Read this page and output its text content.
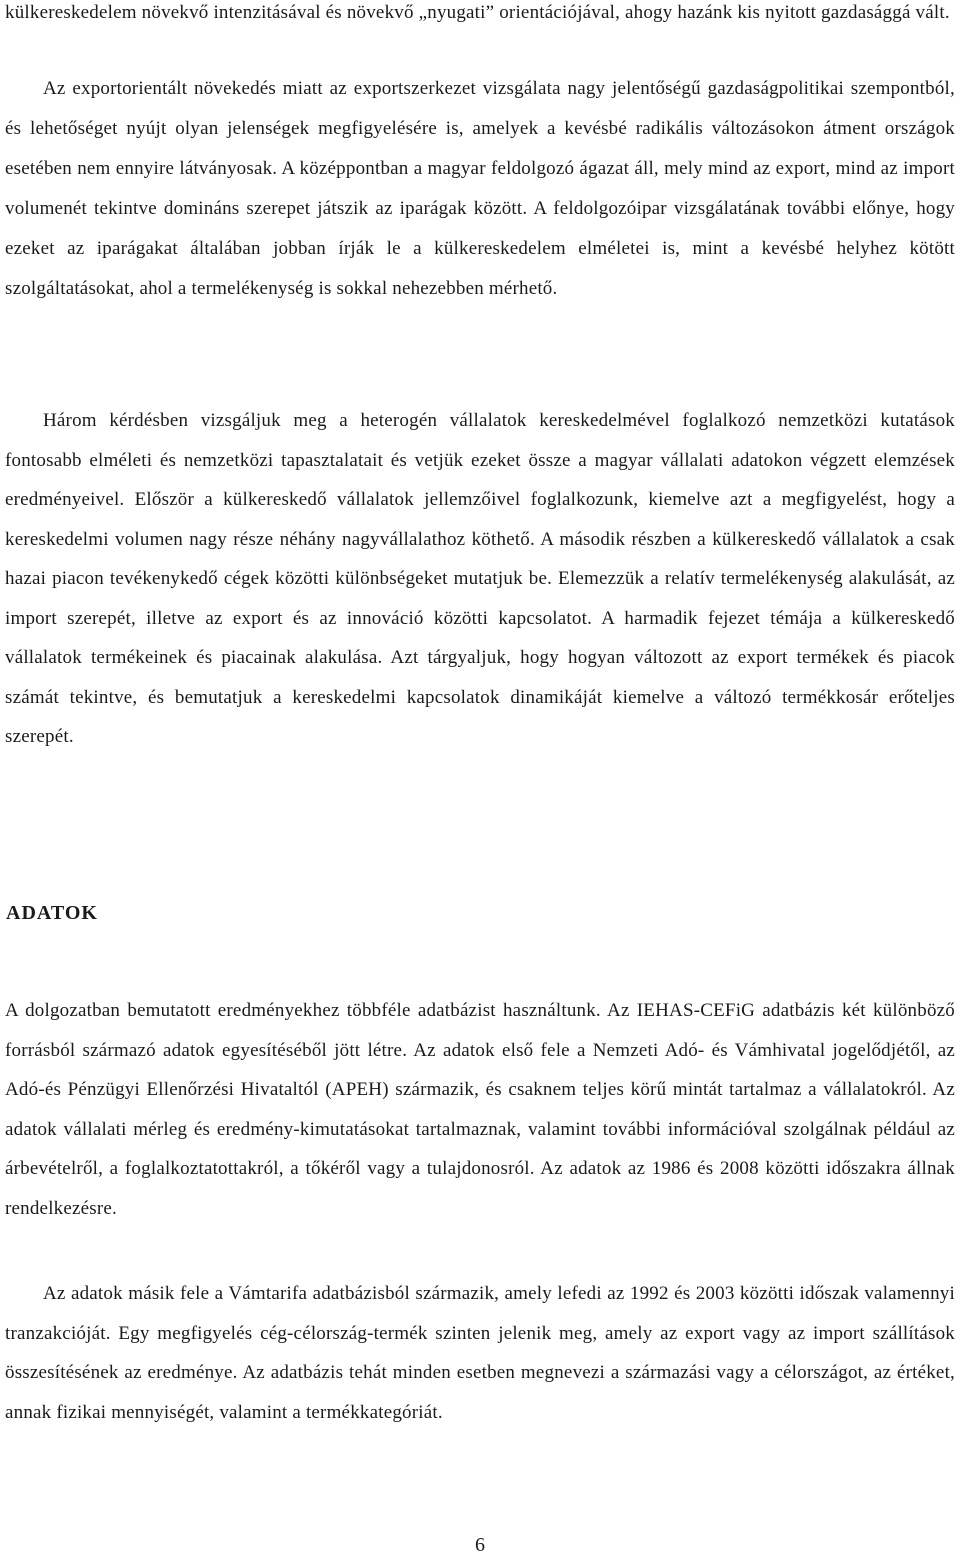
külkereskedelem növekvő intenzitásával és növekvő „nyugati” orientációjával, ahogy hazánk kis nyitott gazdasággá vált.

Az exportorientált növekedés miatt az exportszerkezet vizsgálata nagy jelentőségű gazdaságpolitikai szempontból, és lehetőséget nyújt olyan jelenségek megfigyelésére is, amelyek a kevésbé radikális változásokon átment országok esetében nem ennyire látványosak. A középpontban a magyar feldolgozó ágazat áll, mely mind az export, mind az import volumenét tekintve domináns szerepet játszik az iparágak között. A feldolgozóipar vizsgálatának további előnye, hogy ezeket az iparágakat általában jobban írják le a külkereskedelem elméletei is, mint a kevésbé helyhez kötött szolgáltatásokat, ahol a termelékenység is sokkal nehezebben mérhető.

Három kérdésben vizsgáljuk meg a heterogén vállalatok kereskedelmével foglalkozó nemzetközi kutatások fontosabb elméleti és nemzetközi tapasztalatait és vetjük ezeket össze a magyar vállalati adatokon végzett elemzések eredményeivel. Először a külkereskedő vállalatok jellemzőivel foglalkozunk, kiemelve azt a megfigyelést, hogy a kereskedelmi volumen nagy része néhány nagyvállalathoz köthető. A második részben a külkereskedő vállalatok a csak hazai piacon tevékenykedő cégek közötti különbségeket mutatjuk be. Elemezzük a relatív termelékenység alakulását, az import szerepét, illetve az export és az innováció közötti kapcsolatot. A harmadik fejezet témája a külkereskedő vállalatok termékeinek és piacainak alakulása. Azt tárgyaljuk, hogy hogyan változott az export termékek és piacok számát tekintve, és bemutatjuk a kereskedelmi kapcsolatok dinamikáját kiemelve a változó termékkosár erőteljes szerepét.

ADATOK

A dolgozatban bemutatott eredményekhez többféle adatbázist használtunk. Az IEHAS-CEFiG adatbázis két különböző forrásból származó adatok egyesítéséből jött létre. Az adatok első fele a Nemzeti Adó- és Vámhivatal jogelődjétől, az Adó-és Pénzügyi Ellenőrzési Hivataltól (APEH) származik, és csaknem teljes körű mintát tartalmaz a vállalatokról. Az adatok vállalati mérleg és eredmény-kimutatásokat tartalmaznak, valamint további információval szolgálnak például az árbevételről, a foglalkoztatottakról, a tőkéről vagy a tulajdonosról. Az adatok az 1986 és 2008 közötti időszakra állnak rendelkezésre.

Az adatok másik fele a Vámtarifa adatbázisból származik, amely lefedi az 1992 és 2003 közötti időszak valamennyi tranzakcióját. Egy megfigyelés cég-célország-termék szinten jelenik meg, amely az export vagy az import szállítások összesítésének az eredménye. Az adatbázis tehát minden esetben megnevezi a származási vagy a célországot, az értéket, annak fizikai mennyiségét, valamint a termékkategóriát.

6
